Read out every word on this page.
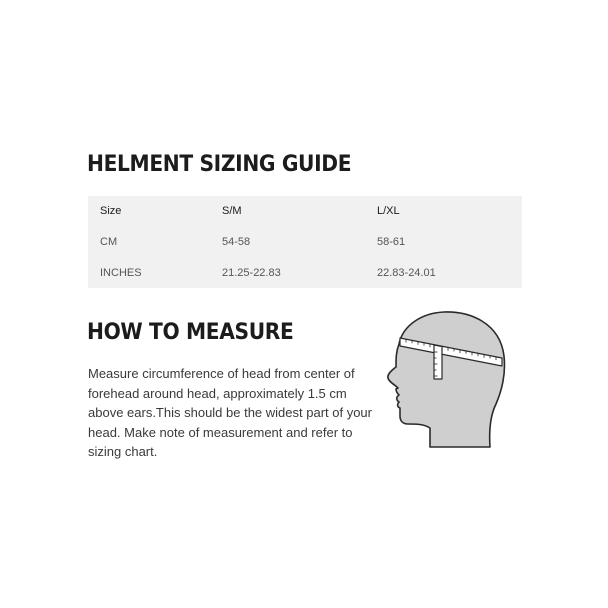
HELMENT SIZING GUIDE
Size	S/M	L/XL
CM	54-58	58-61
INCHES	21.25-22.83	22.83-24.01
HOW TO MEASURE

Measure circumference of head from center of forehead around head, approximately 1.5 cm above ears.This should be the widest part of your head. Make note of measurement and refer to sizing chart.
